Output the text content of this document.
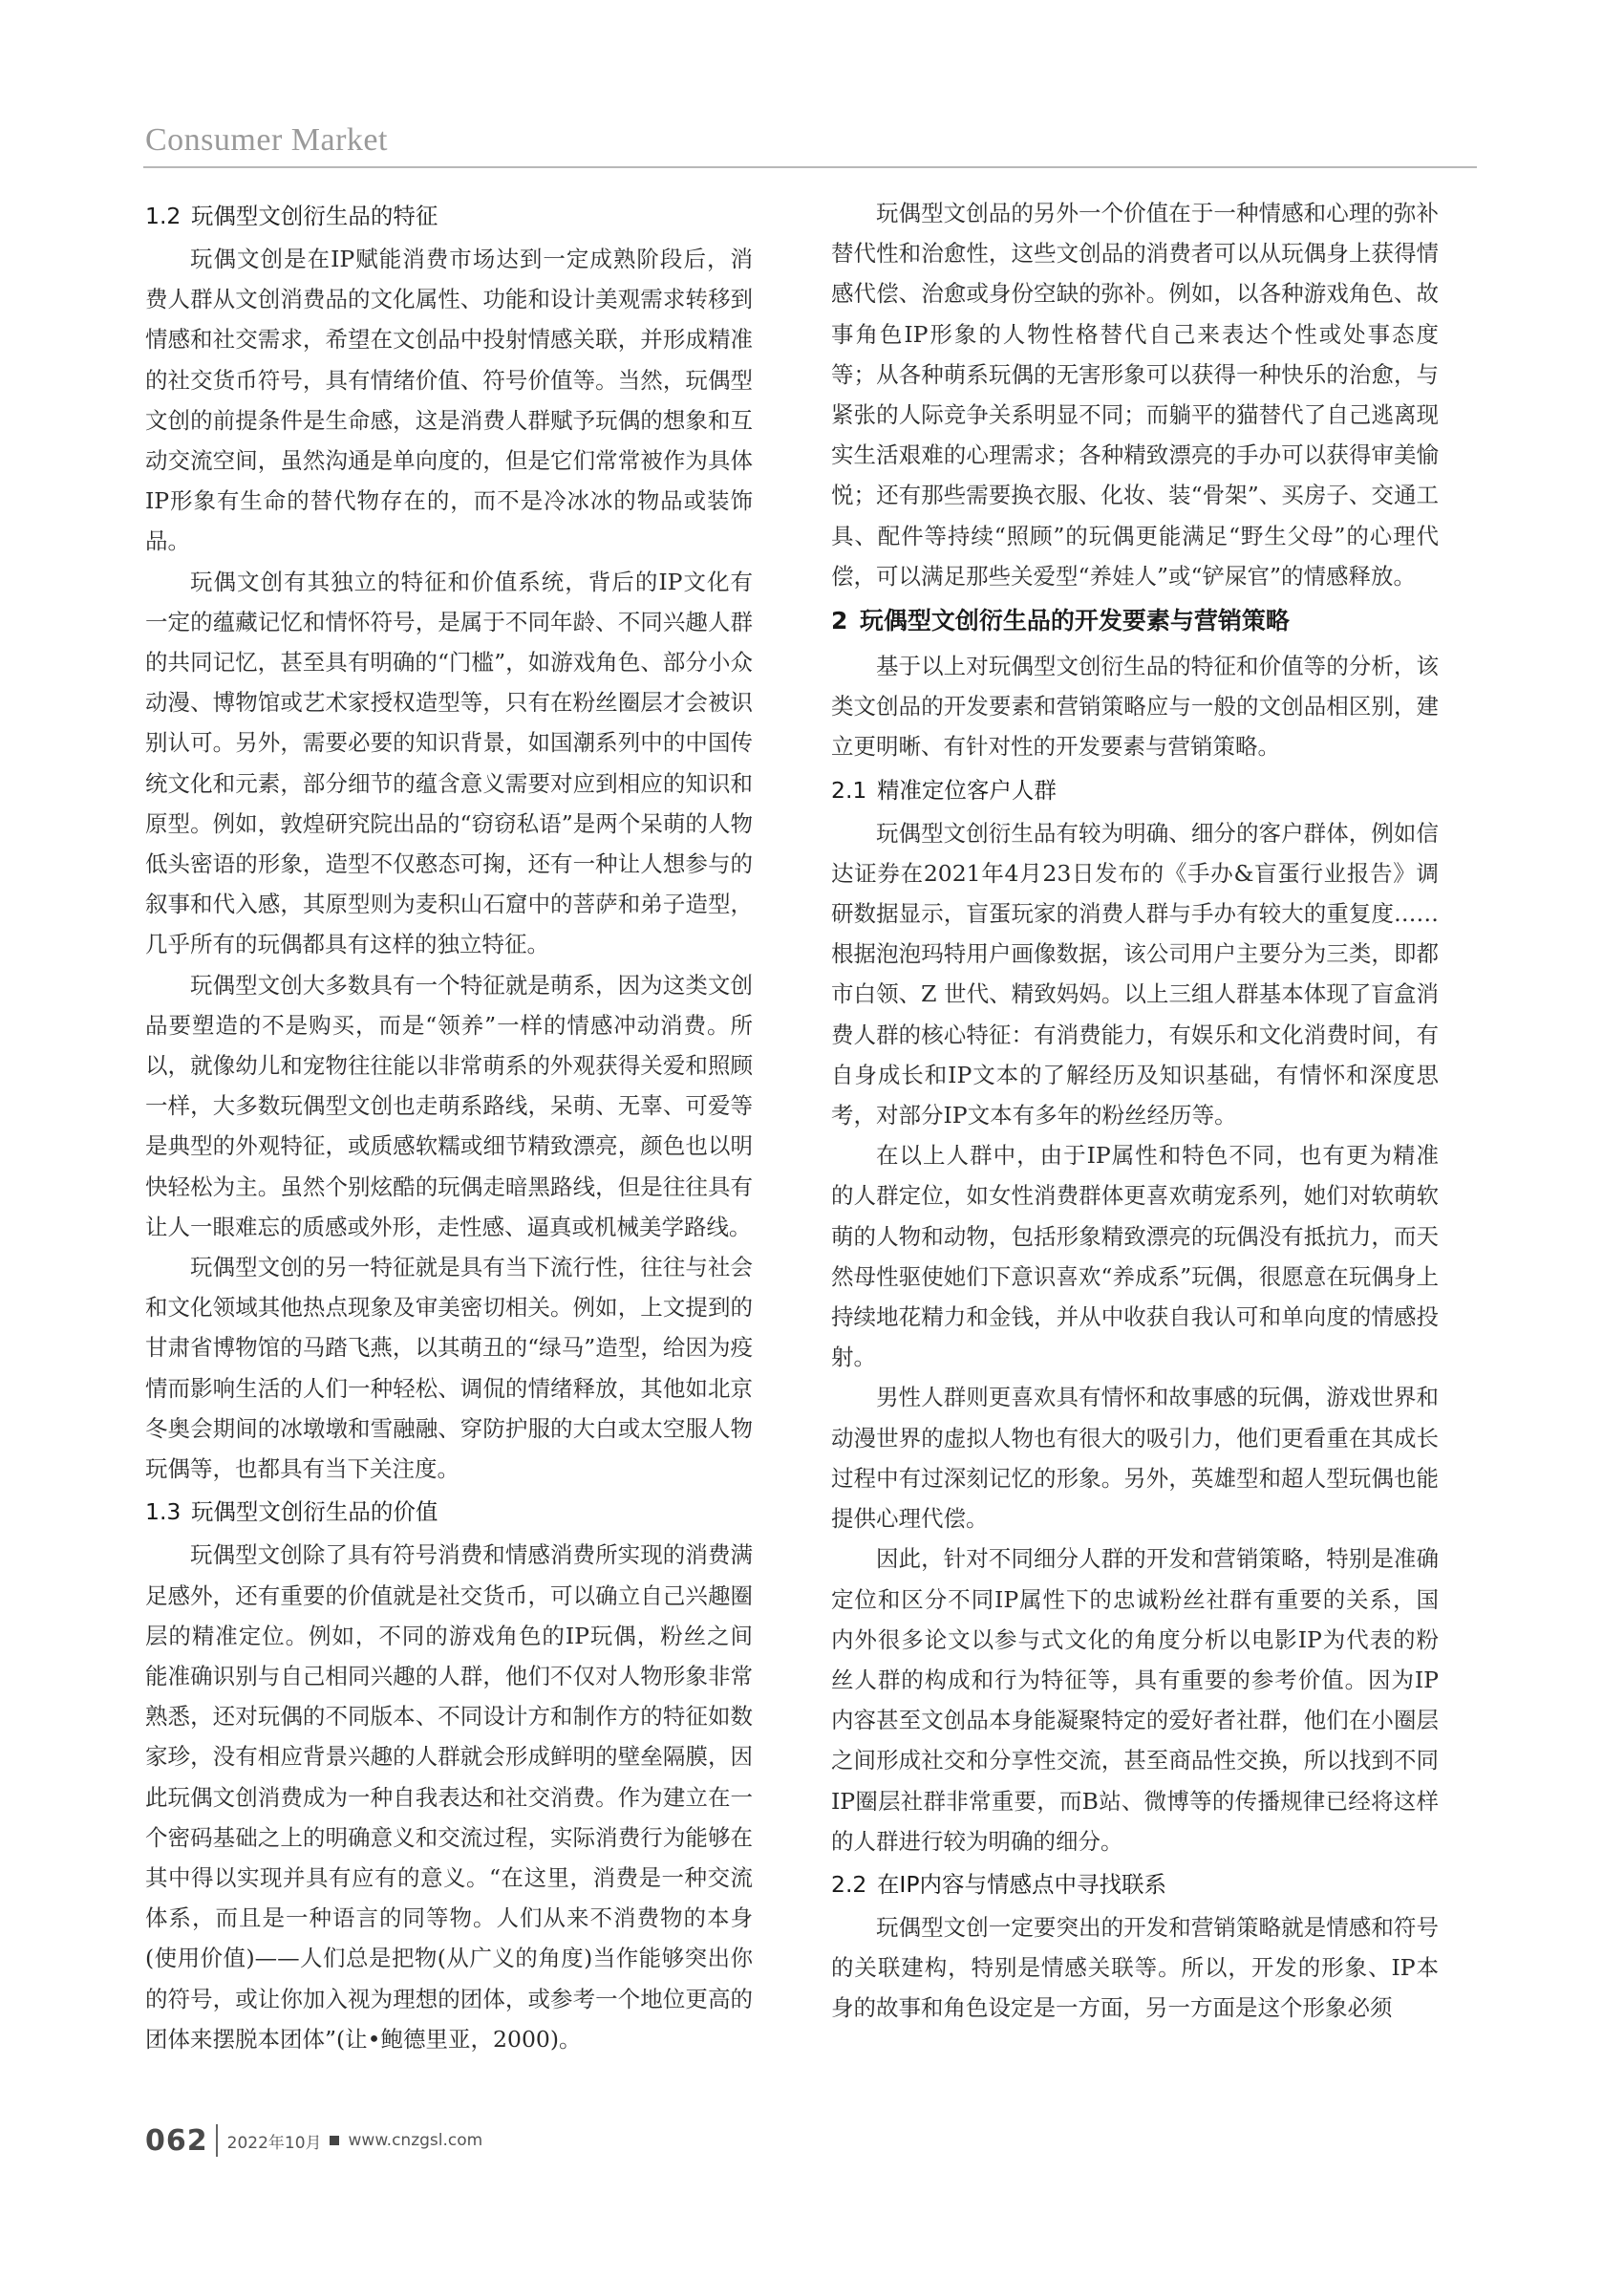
Consumer Market
1.2 玩偶型文创衍生品的特征

玩偶文创是在IP赋能消费市场达到一定成熟阶段后，消费人群从文创消费品的文化属性、功能和设计美观需求转移到情感和社交需求，希望在文创品中投射情感关联，并形成精准的社交货币符号，具有情绪价值、符号价值等。当然，玩偶型文创的前提条件是生命感，这是消费人群赋予玩偶的想象和互动交流空间，虽然沟通是单向度的，但是它们常常被作为具体IP形象有生命的替代物存在的，而不是冷冰冰的物品或装饰品。

玩偶文创有其独立的特征和价值系统，背后的IP文化有一定的蕴藏记忆和情怀符号，是属于不同年龄、不同兴趣人群的共同记忆，甚至具有明确的“门槛”，如游戏角色、部分小众动漫、博物馆或艺术家授权造型等，只有在粉丝圈层才会被识别认可。另外，需要必要的知识背景，如国潮系列中的中国传统文化和元素，部分细节的蕴含意义需要对应到相应的知识和原型。例如，敦煌研究院出品的“窃窃私语”是两个呆萌的人物低头密语的形象，造型不仅憨态可掬，还有一种让人想参与的叙事和代入感，其原型则为麦积山石窟中的菩萨和弟子造型，几乎所有的玩偶都具有这样的独立特征。

玩偶型文创大多数具有一个特征就是萌系，因为这类文创品要塑造的不是购买，而是“领养”一样的情感冲动消费。所以，就像幼儿和宠物往往能以非常萌系的外观获得关爱和照顾一样，大多数玩偶型文创也走萌系路线，呆萌、无辜、可爱等是典型的外观特征，或质感软糯或细节精致漂亮，颜色也以明快轻松为主。虽然个别炫酷的玩偶走暗黑路线，但是往往具有让人一眼难忘的质感或外形，走性感、逼真或机械美学路线。

玩偶型文创的另一特征就是具有当下流行性，往往与社会和文化领域其他热点现象及审美密切相关。例如，上文提到的甘肃省博物馆的马踏飞燕，以其萌丑的“绿马”造型，给因为疫情而影响生活的人们一种轻松、调侃的情绪释放，其他如北京冬奥会期间的冰墩墩和雪融融、穿防护服的大白或太空服人物玩偶等，也都具有当下关注度。

1.3 玩偶型文创衍生品的价值

玩偶型文创除了具有符号消费和情感消费所实现的消费满足感外，还有重要的价值就是社交货币，可以确立自己兴趣圈层的精准定位。例如，不同的游戏角色的IP玩偶，粉丝之间能准确识别与自己相同兴趣的人群，他们不仅对人物形象非常熟悉，还对玩偶的不同版本、不同设计方和制作方的特征如数家珍，没有相应背景兴趣的人群就会形成鲜明的壁垒隔膜，因此玩偶文创消费成为一种自我表达和社交消费。作为建立在一个密码基础之上的明确意义和交流过程，实际消费行为能够在其中得以实现并具有应有的意义。“在这里，消费是一种交流体系，而且是一种语言的同等物。人们从来不消费物的本身(使用价值)——人们总是把物(从广义的角度)当作能够突出你的符号，或让你加入视为理想的团体，或参考一个地位更高的团体来摆脱本团体”(让•鲍德里亚，2000)。

玩偶型文创品的另外一个价值在于一种情感和心理的弥补替代性和治愈性，这些文创品的消费者可以从玩偶身上获得情感代偿、治愈或身份空缺的弥补。例如，以各种游戏角色、故事角色IP形象的人物性格替代自己来表达个性或处事态度等；从各种萌系玩偶的无害形象可以获得一种快乐的治愈，与紧张的人际竞争关系明显不同；而躺平的猫替代了自己逃离现实生活艰难的心理需求；各种精致漂亮的手办可以获得审美愉悦；还有那些需要换衣服、化妆、装“骨架”、买房子、交通工具、配件等持续“照顾”的玩偶更能满足“野生父母”的心理代偿，可以满足那些关爱型“养娃人”或“铲屎官”的情感释放。

2 玩偶型文创衍生品的开发要素与营销策略

基于以上对玩偶型文创衍生品的特征和价值等的分析，该类文创品的开发要素和营销策略应与一般的文创品相区别，建立更明晰、有针对性的开发要素与营销策略。

2.1 精准定位客户人群

玩偶型文创衍生品有较为明确、细分的客户群体，例如信达证券在2021年4月23日发布的《手办&盲蛋行业报告》调研数据显示，盲蛋玩家的消费人群与手办有较大的重复度……根据泡泡玛特用户画像数据，该公司用户主要分为三类，即都市白领、Z 世代、精致妈妈。以上三组人群基本体现了盲盒消费人群的核心特征：有消费能力，有娱乐和文化消费时间，有自身成长和IP文本的了解经历及知识基础，有情怀和深度思考，对部分IP文本有多年的粉丝经历等。

在以上人群中，由于IP属性和特色不同，也有更为精准的人群定位，如女性消费群体更喜欢萌宠系列，她们对软萌软萌的人物和动物，包括形象精致漂亮的玩偶没有抵抗力，而天然母性驱使她们下意识喜欢“养成系”玩偶，很愿意在玩偶身上持续地花精力和金钱，并从中收获自我认可和单向度的情感投射。

男性人群则更喜欢具有情怀和故事感的玩偶，游戏世界和动漫世界的虚拟人物也有很大的吸引力，他们更看重在其成长过程中有过深刻记忆的形象。另外，英雄型和超人型玩偶也能提供心理代偿。

因此，针对不同细分人群的开发和营销策略，特别是准确定位和区分不同IP属性下的忠诚粉丝社群有重要的关系，国内外很多论文以参与式文化的角度分析以电影IP为代表的粉丝人群的构成和行为特征等，具有重要的参考价值。因为IP内容甚至文创品本身能凝聚特定的爱好者社群，他们在小圈层之间形成社交和分享性交流，甚至商品性交换，所以找到不同IP圈层社群非常重要，而B站、微博等的传播规律已经将这样的人群进行较为明确的细分。

2.2 在IP内容与情感点中寻找联系

玩偶型文创一定要突出的开发和营销策略就是情感和符号的关联建构，特别是情感关联等。所以，开发的形象、IP本身的故事和角色设定是一方面，另一方面是这个形象必须

062 2022年10月 www.cnzgsl.com
